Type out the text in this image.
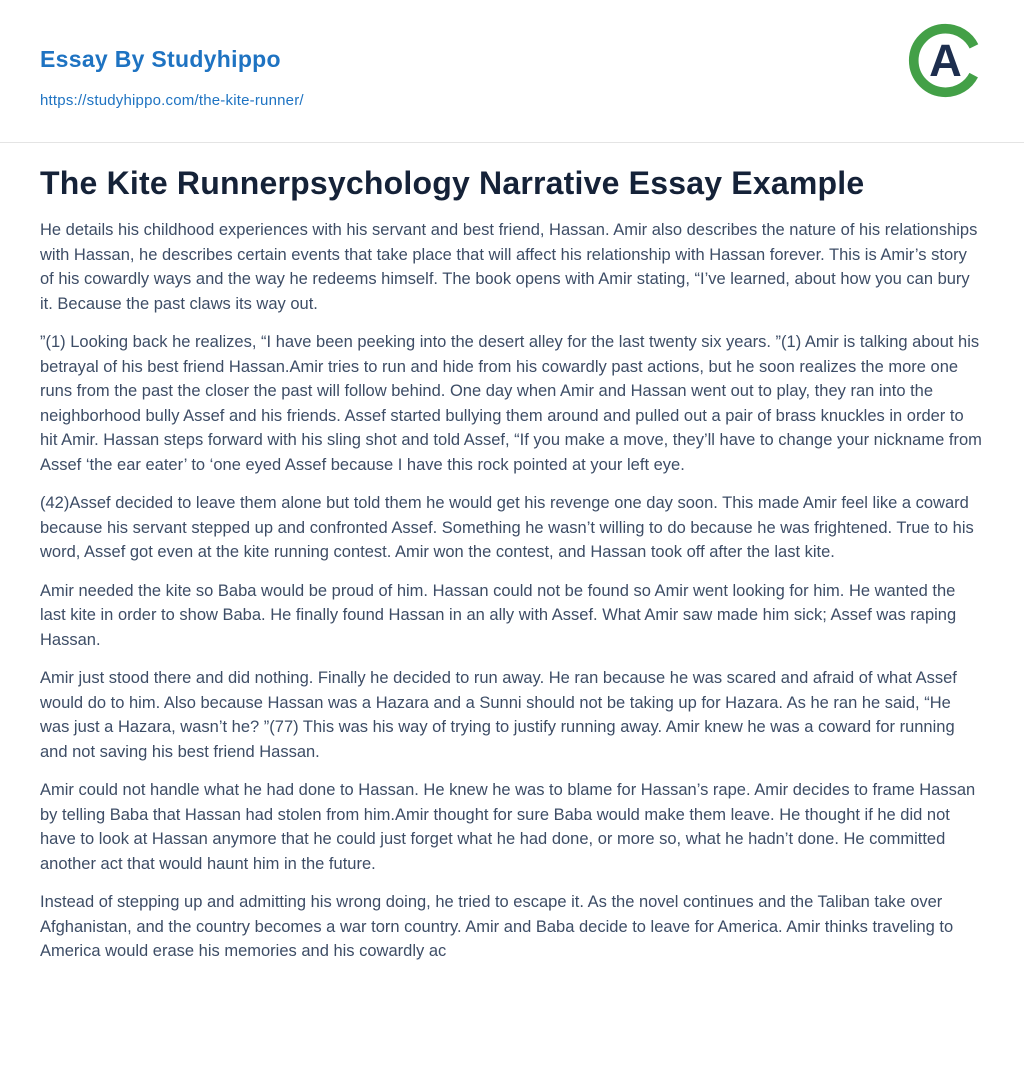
Essay By Studyhippo
https://studyhippo.com/the-kite-runner/
A
The Kite Runnerpsychology Narrative Essay Example

He details his childhood experiences with his servant and best friend, Hassan. Amir also describes the nature of his relationships with Hassan, he describes certain events that take place that will affect his relationship with Hassan forever. This is Amir’s story of his cowardly ways and the way he redeems himself. The book opens with Amir stating, “I’ve learned, about how you can bury it. Because the past claws its way out.

”(1) Looking back he realizes, “I have been peeking into the desert alley for the last twenty six years. ”(1) Amir is talking about his betrayal of his best friend Hassan.Amir tries to run and hide from his cowardly past actions, but he soon realizes the more one runs from the past the closer the past will follow behind. One day when Amir and Hassan went out to play, they ran into the neighborhood bully Assef and his friends. Assef started bullying them around and pulled out a pair of brass knuckles in order to hit Amir. Hassan steps forward with his sling shot and told Assef, “If you make a move, they’ll have to change your nickname from Assef ‘the ear eater’ to ‘one eyed Assef because I have this rock pointed at your left eye.

(42)Assef decided to leave them alone but told them he would get his revenge one day soon. This made Amir feel like a coward because his servant stepped up and confronted Assef. Something he wasn’t willing to do because he was frightened. True to his word, Assef got even at the kite running contest. Amir won the contest, and Hassan took off after the last kite.

Amir needed the kite so Baba would be proud of him. Hassan could not be found so Amir went looking for him. He wanted the last kite in order to show Baba. He finally found Hassan in an ally with Assef. What Amir saw made him sick; Assef was raping Hassan.

Amir just stood there and did nothing. Finally he decided to run away. He ran because he was scared and afraid of what Assef would do to him. Also because Hassan was a Hazara and a Sunni should not be taking up for Hazara. As he ran he said, “He was just a Hazara, wasn’t he? ”(77) This was his way of trying to justify running away. Amir knew he was a coward for running and not saving his best friend Hassan.

Amir could not handle what he had done to Hassan. He knew he was to blame for Hassan’s rape. Amir decides to frame Hassan by telling Baba that Hassan had stolen from him.Amir thought for sure Baba would make them leave. He thought if he did not have to look at Hassan anymore that he could just forget what he had done, or more so, what he hadn’t done. He committed another act that would haunt him in the future.

Instead of stepping up and admitting his wrong doing, he tried to escape it. As the novel continues and the Taliban take over Afghanistan, and the country becomes a war torn country. Amir and Baba decide to leave for America. Amir thinks traveling to America would erase his memories and his cowardly ac
